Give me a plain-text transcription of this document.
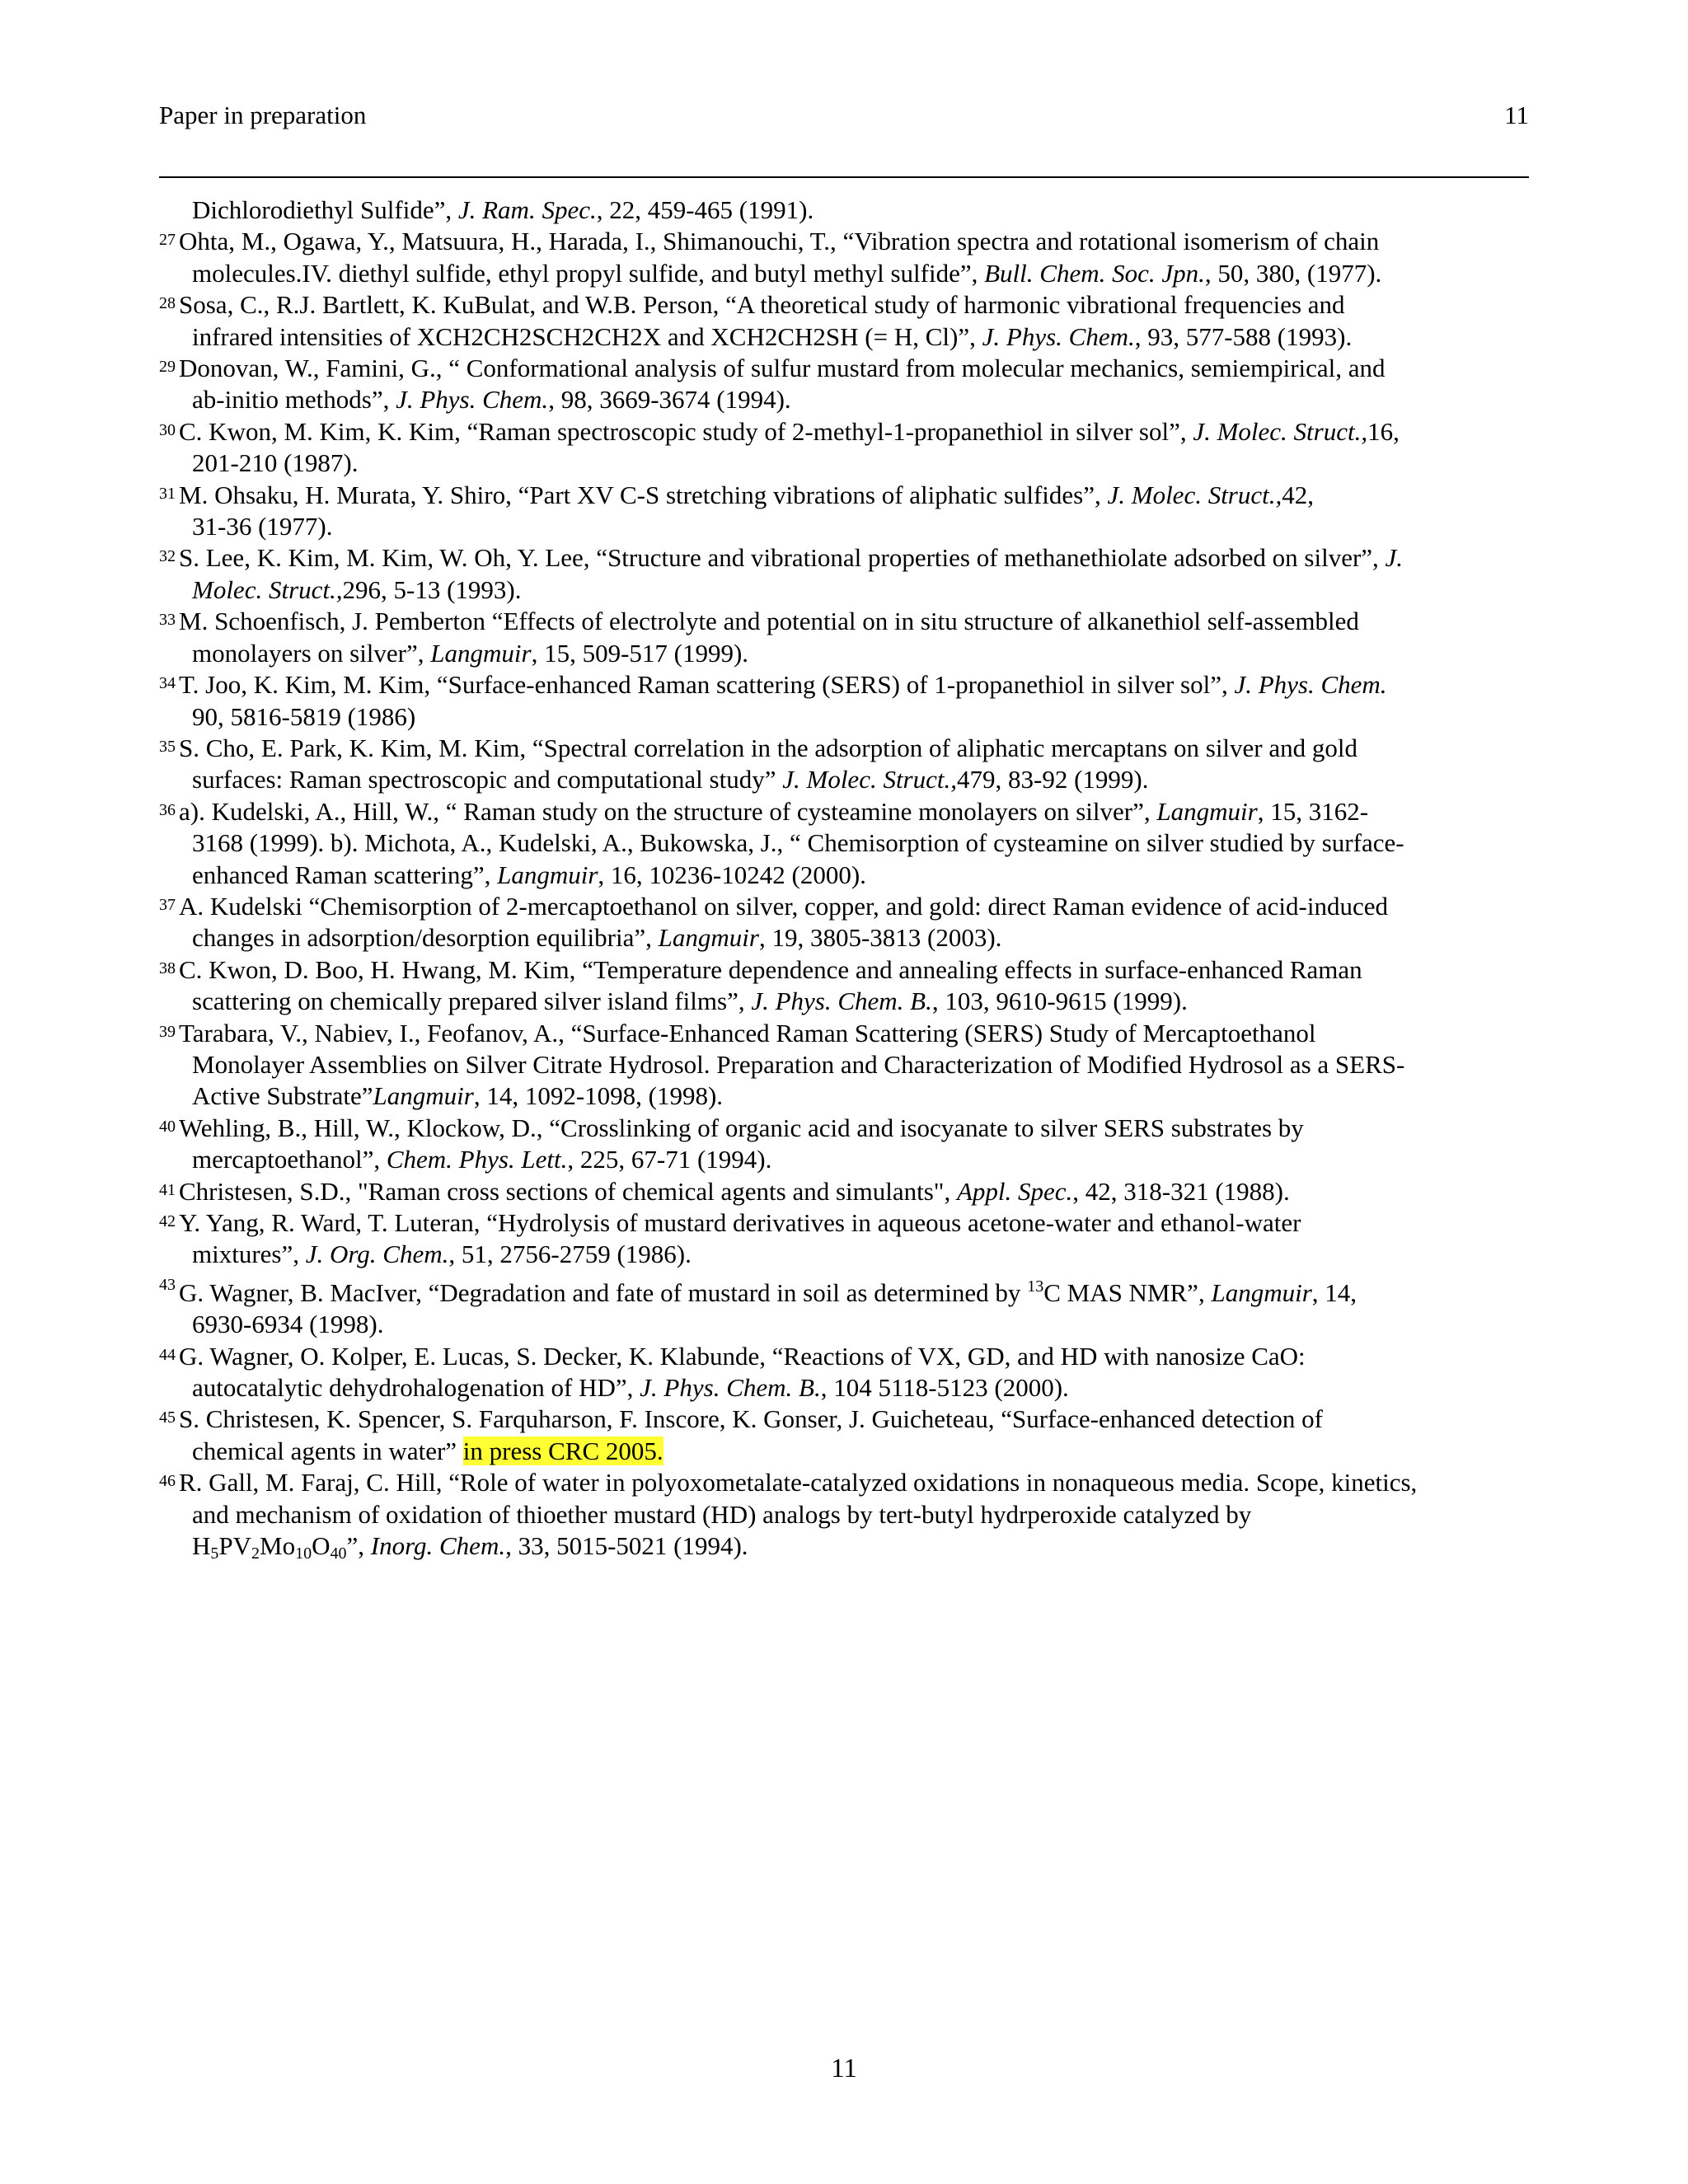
Paper in preparation	11
Dichlorodiethyl Sulfide”, J. Ram. Spec., 22, 459-465 (1991).
27 Ohta, M., Ogawa, Y., Matsuura, H., Harada, I., Shimanouchi, T., “Vibration spectra and rotational isomerism of chain
molecules.IV. diethyl sulfide, ethyl propyl sulfide, and butyl methyl sulfide”, Bull. Chem. Soc. Jpn., 50, 380, (1977).
28 Sosa, C., R.J. Bartlett, K. KuBulat, and W.B. Person, “A theoretical study of harmonic vibrational frequencies and
infrared intensities of XCH2CH2SCH2CH2X and XCH2CH2SH (= H, Cl)”, J. Phys. Chem., 93, 577-588 (1993).
29 Donovan, W., Famini, G., “ Conformational analysis of sulfur mustard from molecular mechanics, semiempirical, and
ab-initio methods”, J. Phys. Chem., 98, 3669-3674 (1994).
30 C. Kwon, M. Kim, K. Kim, “Raman spectroscopic study of 2-methyl-1-propanethiol in silver sol”, J. Molec. Struct.,16,
201-210 (1987).
31 M. Ohsaku, H. Murata, Y. Shiro, “Part XV C-S stretching vibrations of aliphatic sulfides”, J. Molec. Struct.,42,
31-36 (1977).
32 S. Lee, K. Kim, M. Kim, W. Oh, Y. Lee, “Structure and vibrational properties of methanethiolate adsorbed on silver”, J.
Molec. Struct.,296, 5-13 (1993).
33 M. Schoenfisch, J. Pemberton “Effects of electrolyte and potential on in situ structure of alkanethiol self-assembled
monolayers on silver”, Langmuir, 15, 509-517 (1999).
34 T. Joo, K. Kim, M. Kim, “Surface-enhanced Raman scattering (SERS) of 1-propanethiol in silver sol”, J. Phys. Chem.
90, 5816-5819 (1986)
35 S. Cho, E. Park, K. Kim, M. Kim, “Spectral correlation in the adsorption of aliphatic mercaptans on silver and gold
surfaces: Raman spectroscopic and computational study” J. Molec. Struct.,479, 83-92 (1999).
36 a). Kudelski, A., Hill, W., “ Raman study on the structure of cysteamine monolayers on silver”, Langmuir, 15, 3162-
3168 (1999). b). Michota, A., Kudelski, A., Bukowska, J., “ Chemisorption of cysteamine on silver studied by surface-
enhanced Raman scattering”, Langmuir, 16, 10236-10242 (2000).
37 A. Kudelski “Chemisorption of 2-mercaptoethanol on silver, copper, and gold: direct Raman evidence of acid-induced
changes in adsorption/desorption equilibria”, Langmuir, 19, 3805-3813 (2003).
38 C. Kwon, D. Boo, H. Hwang, M. Kim, “Temperature dependence and annealing effects in surface-enhanced Raman
scattering on chemically prepared silver island films”, J. Phys. Chem. B., 103, 9610-9615 (1999).
39 Tarabara, V., Nabiev, I., Feofanov, A., “Surface-Enhanced Raman Scattering (SERS) Study of Mercaptoethanol
Monolayer Assemblies on Silver Citrate Hydrosol. Preparation and Characterization of Modified Hydrosol as a SERS-
Active Substrate”Langmuir, 14, 1092-1098, (1998).
40 Wehling, B., Hill, W., Klockow, D., “Crosslinking of organic acid and isocyanate to silver SERS substrates by
mercaptoethanol”, Chem. Phys. Lett., 225, 67-71 (1994).
41 Christesen, S.D., "Raman cross sections of chemical agents and simulants", Appl. Spec., 42, 318-321 (1988).
42 Y. Yang, R. Ward, T. Luteran, “Hydrolysis of mustard derivatives in aqueous acetone-water and ethanol-water
mixtures”, J. Org. Chem., 51, 2756-2759 (1986).
43 G. Wagner, B. MacIver, “Degradation and fate of mustard in soil as determined by $^{13}$C MAS NMR”, Langmuir, 14,
6930-6934 (1998).
44 G. Wagner, O. Kolper, E. Lucas, S. Decker, K. Klabunde, “Reactions of VX, GD, and HD with nanosize CaO:
autocatalytic dehydrohalogenation of HD”, J. Phys. Chem. B., 104 5118-5123 (2000).
45 S. Christesen, K. Spencer, S. Farquharson, F. Inscore, K. Gonser, J. Guicheteau, “Surface-enhanced detection of
chemical agents in water” in press CRC 2005.
46 R. Gall, M. Faraj, C. Hill, “Role of water in polyoxometalate-catalyzed oxidations in nonaqueous media. Scope, kinetics,
and mechanism of oxidation of thioether mustard (HD) analogs by tert-butyl hydrperoxide catalyzed by
$H_5PV_2Mo_{10}O_{40}$”, Inorg. Chem., 33, 5015-5021 (1994).
11
